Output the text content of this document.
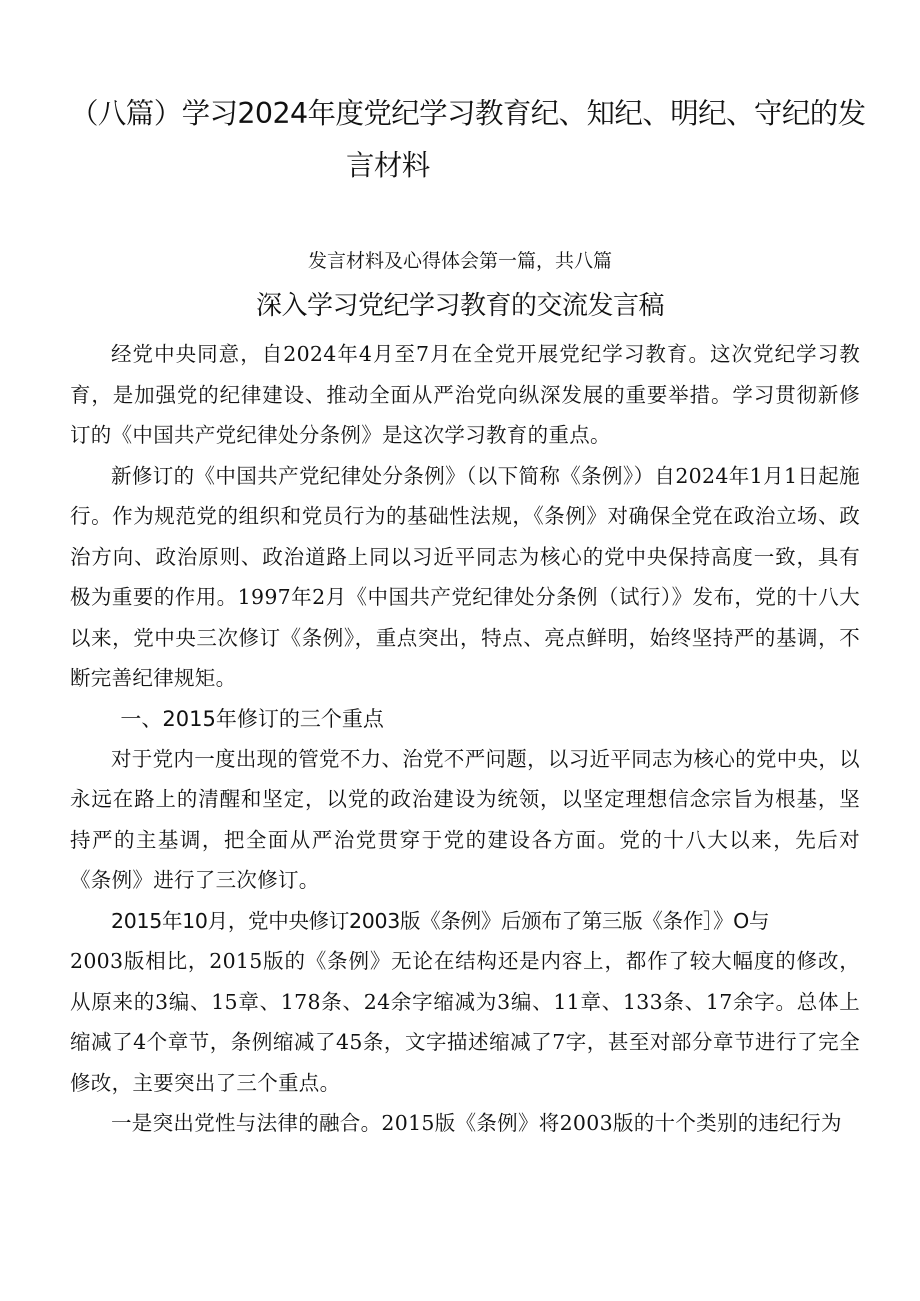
（八篇）学习2024年度党纪学习教育纪、知纪、明纪、守纪的发
言材料
发言材料及心得体会第一篇，共八篇
深入学习党纪学习教育的交流发言稿

经党中央同意，自2024年4月至7月在全党开展党纪学习教育。这次党纪学习教育，是加强党的纪律建设、推动全面从严治党向纵深发展的重要举措。学习贯彻新修订的《中国共产党纪律处分条例》是这次学习教育的重点。

新修订的《中国共产党纪律处分条例》（以下简称《条例》）自2024年1月1日起施行。作为规范党的组织和党员行为的基础性法规，《条例》对确保全党在政治立场、政治方向、政治原则、政治道路上同以习近平同志为核心的党中央保持高度一致，具有极为重要的作用。1997年2月《中国共产党纪律处分条例（试行）》发布，党的十八大以来，党中央三次修订《条例》，重点突出，特点、亮点鲜明，始终坚持严的基调，不断完善纪律规矩。

一、2015年修订的三个重点

对于党内一度出现的管党不力、治党不严问题，以习近平同志为核心的党中央，以永远在路上的清醒和坚定，以党的政治建设为统领，以坚定理想信念宗旨为根基，坚持严的主基调，把全面从严治党贯穿于党的建设各方面。党的十八大以来，先后对《条例》进行了三次修订。

2015年10月，党中央修订2003版《条例》后颁布了第三版《条作］》O与

2003版相比，2015版的《条例》无论在结构还是内容上，都作了较大幅度的修改，从原来的3编、15章、178条、24余字缩减为3编、11章、133条、17余字。总体上缩减了4个章节，条例缩减了45条，文字描述缩减了7字，甚至对部分章节进行了完全修改，主要突出了三个重点。

一是突出党性与法律的融合。2015版《条例》将2003版的十个类别的违纪行为
